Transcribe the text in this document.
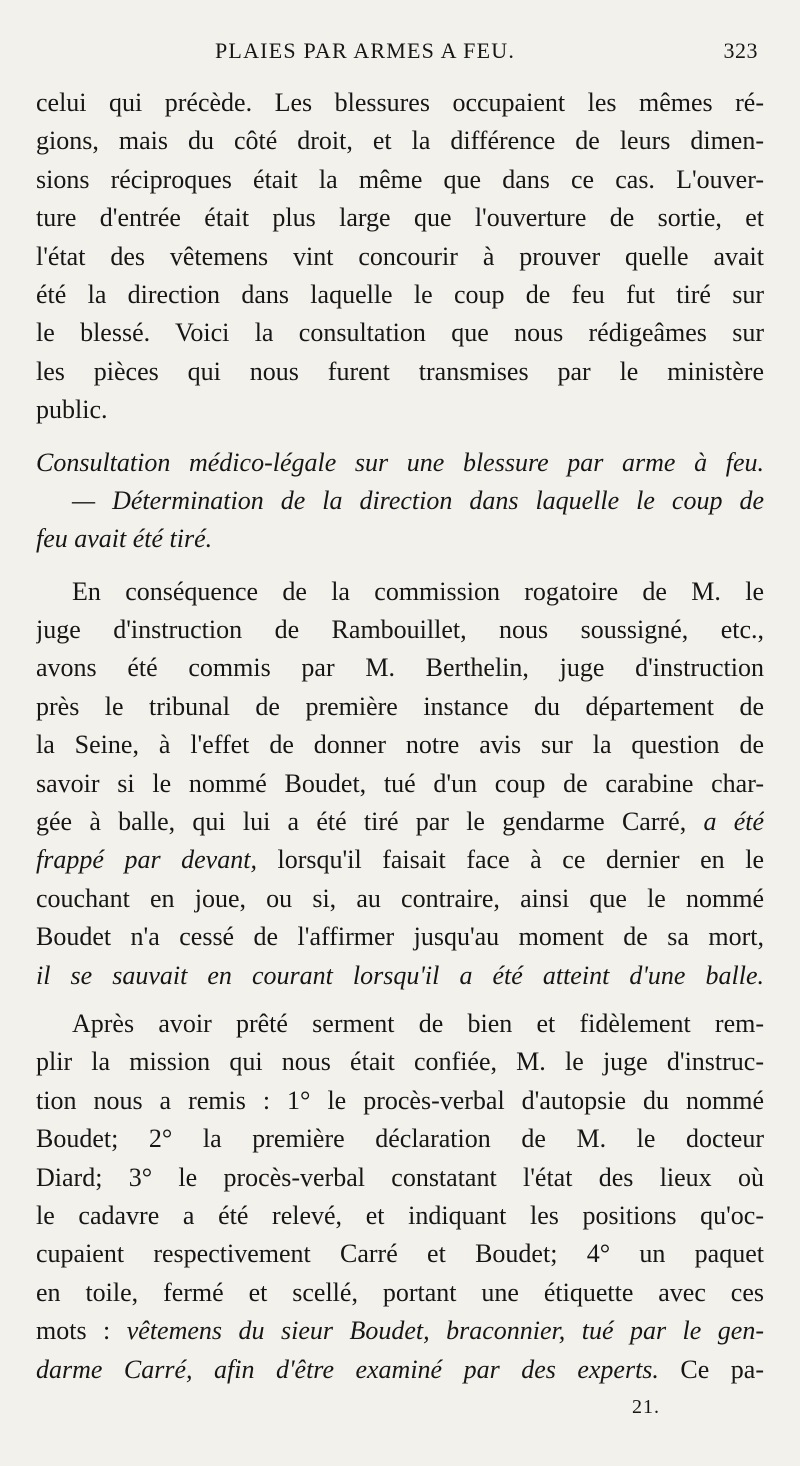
PLAIES PAR ARMES A FEU.	323
celui qui précède. Les blessures occupaient les mêmes ré-
gions, mais du côté droit, et la différence de leurs dimen-
sions réciproques était la même que dans ce cas. L'ouver-
ture d'entrée était plus large que l'ouverture de sortie, et
l'état des vêtemens vint concourir à prouver quelle avait
été la direction dans laquelle le coup de feu fut tiré sur
le blessé. Voici la consultation que nous rédigeâmes sur
les pièces qui nous furent transmises par le ministère
public.
Consultation médico-légale sur une blessure par arme à feu.
— Détermination de la direction dans laquelle le coup de
feu avait été tiré.
En conséquence de la commission rogatoire de M. le
juge d'instruction de Rambouillet, nous soussigné, etc.,
avons été commis par M. Berthelin, juge d'instruction
près le tribunal de première instance du département de
la Seine, à l'effet de donner notre avis sur la question de
savoir si le nommé Boudet, tué d'un coup de carabine char-
gée à balle, qui lui a été tiré par le gendarme Carré, a été
frappé par devant, lorsqu'il faisait face à ce dernier en le
couchant en joue, ou si, au contraire, ainsi que le nommé
Boudet n'a cessé de l'affirmer jusqu'au moment de sa mort,
il se sauvait en courant lorsqu'il a été atteint d'une balle.
Après avoir prêté serment de bien et fidèlement rem-
plir la mission qui nous était confiée, M. le juge d'instruc-
tion nous a remis : 1° le procès-verbal d'autopsie du nommé
Boudet; 2° la première déclaration de M. le docteur
Diard; 3° le procès-verbal constatant l'état des lieux où
le cadavre a été relevé, et indiquant les positions qu'oc-
cupaient respectivement Carré et Boudet; 4° un paquet
en toile, fermé et scellé, portant une étiquette avec ces
mots : vêtemens du sieur Boudet, braconnier, tué par le gen-
darme Carré, afin d'être examiné par des experts. Ce pa-
21.
